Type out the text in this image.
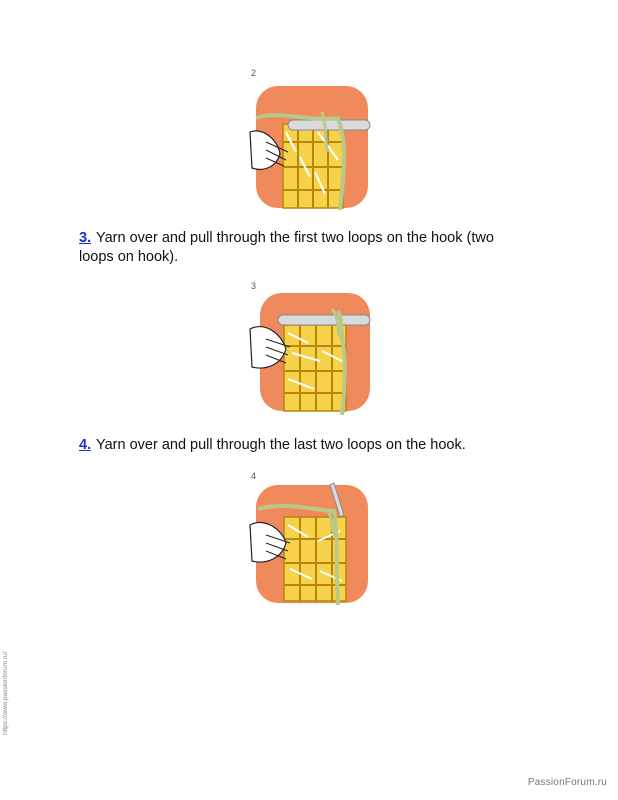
2
3. Yarn over and pull through the first two loops on the hook (two loops on hook).
3
4. Yarn over and pull through the last two loops on the hook.
4
https://www.passionforum.ru/
PassionForum.ru
